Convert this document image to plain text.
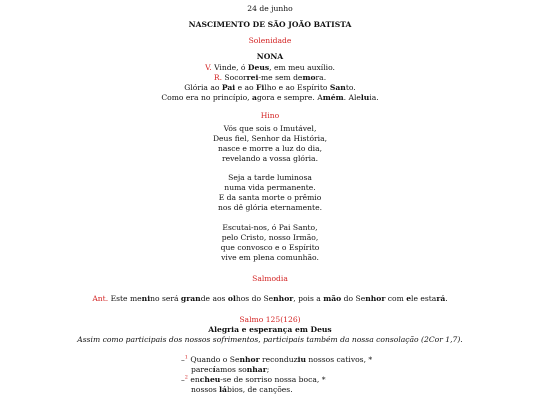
24 de junho
NASCIMENTO DE SÃO JOÃO BATISTA
Solenidade
NONA
V. Vinde, ó Deus, em meu auxílio.
R. Socorrei-me sem demora.
Glória ao Pai e ao Filho e ao Espírito Santo.
Como era no princípio, agora e sempre. Amém. Aleluia.
Hino
Vós que sois o Imutável,
Deus fiel, Senhor da História,
nasce e morre a luz do dia,
revelando a vossa glória.
Seja a tarde luminosa
numa vida permanente.
E da santa morte o prêmio
nos dê glória eternamente.
Escutai-nos, ó Pai Santo,
pelo Cristo, nosso Irmão,
que convosco e o Espírito
vive em plena comunhão.
Salmodia
Ant. Este menino será grande aos olhos do Senhor, pois a mão do Senhor com ele estará.
Salmo 125(126)
Alegria e esperança em Deus
Assim como participais dos nossos sofrimentos, participais também da nossa consolação (2Cor 1,7).
–$^1$ Quando o Senhor reconduziu nossos cativos, *
parecíamos sonhar;
–$^2$ encheu-se de sorriso nossa boca, *
nossos lábios, de canções.
